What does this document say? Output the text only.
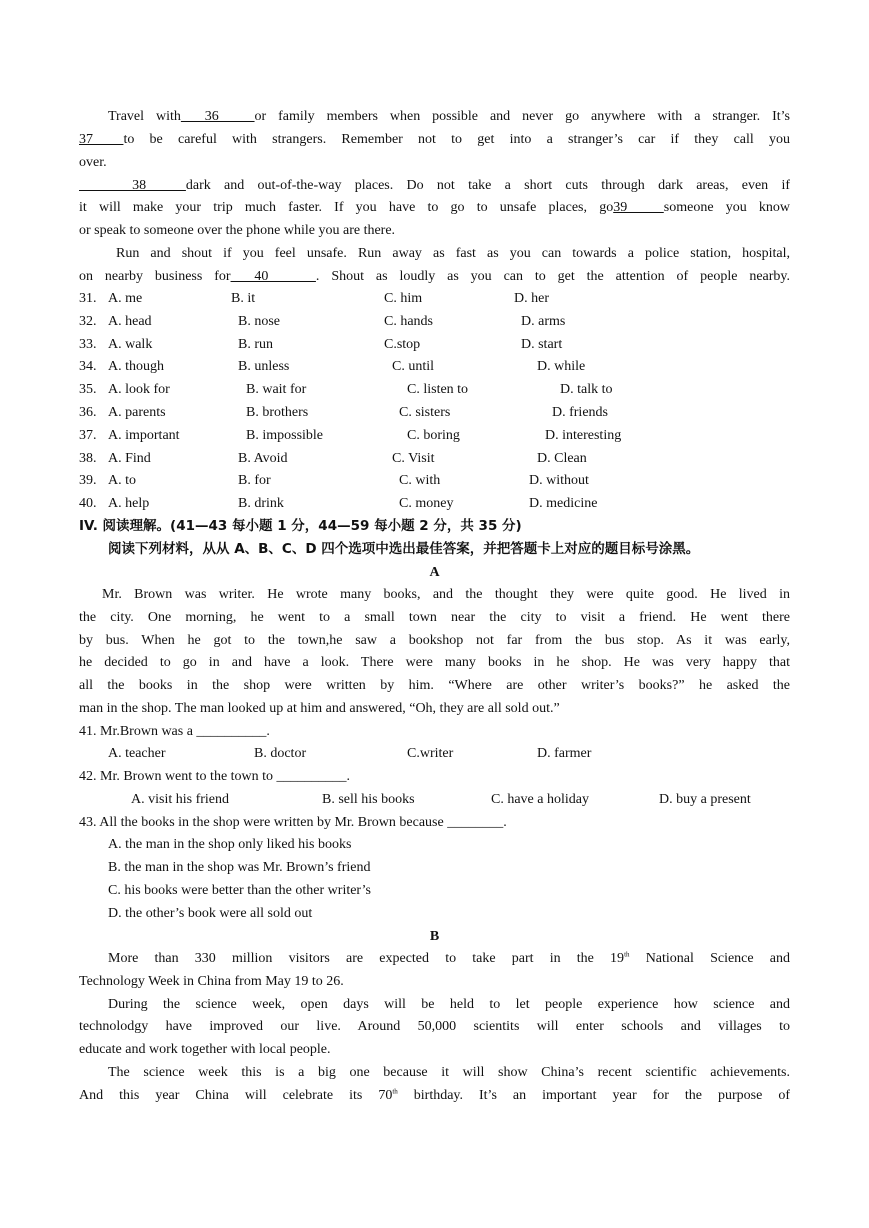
Travel with  36   or family members when possible and never go anywhere with a stranger. It’s
37  to be careful with strangers. Remember not to get into a stranger’s car if they call you
over.
38   dark and out-of-the-way places. Do not take a short cuts through dark areas, even if
it will make your trip much faster. If you have to go to unsafe places, go39   someone you know
or speak to someone over the phone while you are there.
Run and shout if you feel unsafe. Run away as fast as you can towards a police station, hospital,
on nearby business for  40    . Shout as loudly as you can to get the attention of people nearby.
31. A. me	B. it	C. him	D. her
32. A. head	B. nose	C. hands	D. arms
33. A. walk	B. run	C.stop	D. start
34. A. though	B. unless	C. until	D. while
35. A. look for	B. wait for	C. listen to	D. talk to
36. A. parents	B. brothers	C. sisters	D. friends
37. A. important	B. impossible	C. boring	D. interesting
38. A. Find	B. Avoid	C. Visit	D. Clean
39. A. to	B. for	C. with	D. without
40. A. help	B. drink	C. money	D. medicine
IV. 阅读理解。(41—43 每小题 1 分，44—59 每小题 2 分，共 35 分)
阅读下列材料，从从 A、B、C、D 四个选项中选出最佳答案，并把答题卡上对应的题目标号涂黑。
A
Mr. Brown was writer. He wrote many books, and the thought they were quite good. He lived in
the city. One morning, he went to a small town near the city to visit a friend. He went there
by bus. When he got to the town,he saw a bookshop not far from the bus stop. As it was early,
he decided to go in and have a look. There were many books in he shop. He was very happy that
all the books in the shop were written by him. “Where are other writer’s books?” he asked the
man in the shop. The man looked up at him and answered, “Oh, they are all sold out.”
41. Mr.Brown was a __________.
A. teacher	B. doctor	C.writer	D. farmer
42. Mr. Brown went to the town to __________.
A. visit his friend	B. sell his books	C. have a holiday	D. buy a present
43. All the books in the shop were written by Mr. Brown because ________.
A. the man in the shop only liked his books
B. the man in the shop was Mr. Brown’s friend
C. his books were better than the other writer’s
D. the other’s book were all sold out
B
More than 330 million visitors are expected to take part in the 19th National Science and
Technology Week in China from May 19 to 26.
During the science week, open days will be held to let people experience how science and
technolodgy have improved our live. Around 50,000 scientits will enter schools and villages to
educate and work together with local people.
The science week this is a big one because it will show China’s recent scientific achievements.
And this year China will celebrate its 70th birthday. It’s an important year for the purpose of
